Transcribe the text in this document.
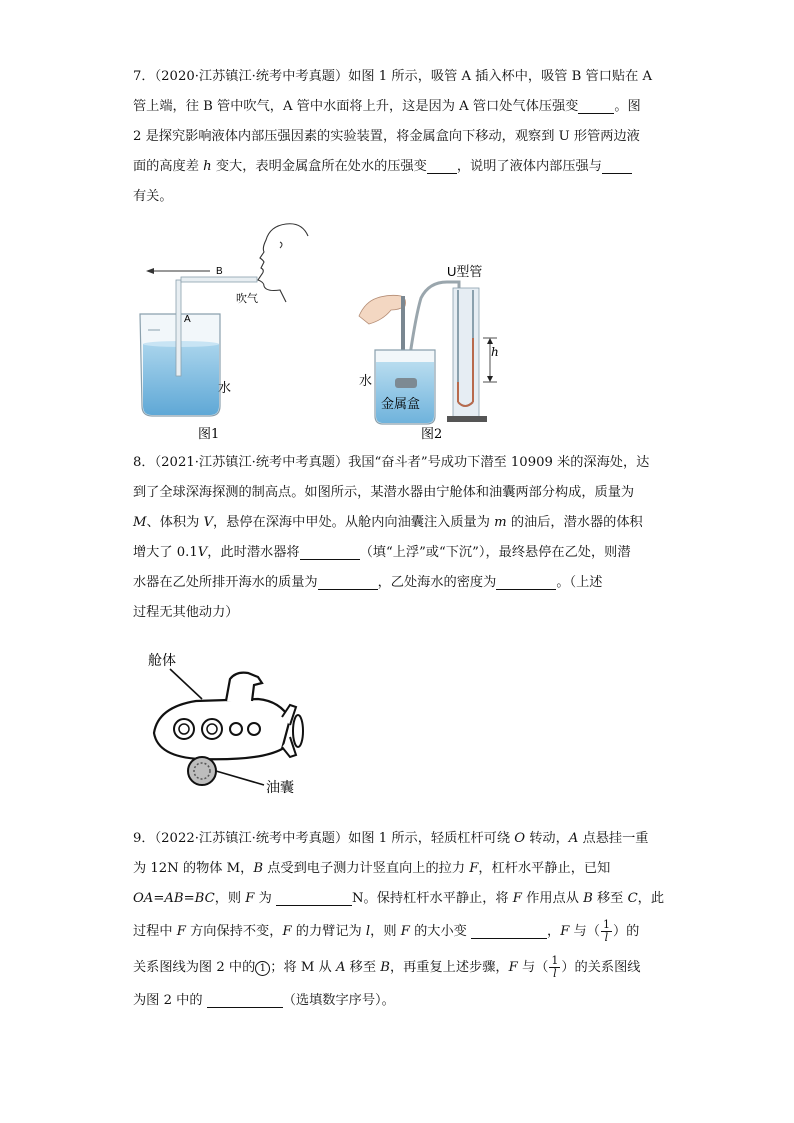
7．（2020·江苏镇江·统考中考真题）如图 1 所示，吸管 A 插入杯中，吸管 B 管口贴在 A
管上端，往 B 管中吹气，A 管中水面将上升，这是因为 A 管口处气体压强变	。图
2 是探究影响液体内部压强因素的实验装置，将金属盒向下移动，观察到 U 形管两边液
面的高度差 h 变大，表明金属盒所在处水的压强变 ，说明了液体内部压强与
有关。
B
A
吹气
水
图1
h
U型管
水
金属盒
图2
8．（2021·江苏镇江·统考中考真题）我国“奋斗者”号成功下潜至 10909 米的深海处，达
到了全球深海探测的制高点。如图所示，某潜水器由宁舱体和油囊两部分构成，质量为
M、体积为 V，悬停在深海中甲处。从舱内向油囊注入质量为 m 的油后，潜水器的体积
增大了 0.1V，此时潜水器将	（填“上浮”或“下沉”），最终悬停在乙处，则潜
水器在乙处所排开海水的质量为	，乙处海水的密度为	。（上述
过程无其他动力）
舱体
油囊
9．（2022·江苏镇江·统考中考真题）如图 1 所示，轻质杠杆可绕 O 转动，A 点悬挂一重
为 12N 的物体 M，B 点受到电子测力计竖直向上的拉力 F，杠杆水平静止，已知
OA=AB=BC，则 F 为	N。保持杠杆水平静止，将 F 作用点从 B 移至 C，此
过程中 F 方向保持不变，F 的力臂记为 l，则 F 的大小变	，F 与（ $\frac{1}{l}$ ）的
关系图线为图 2 中的 1 ；将 M 从 A 移至 B，再重复上述步骤，F 与（ $\frac{1}{l}$ ）的关系图线
为图 2 中的	（选填数字序号）。
